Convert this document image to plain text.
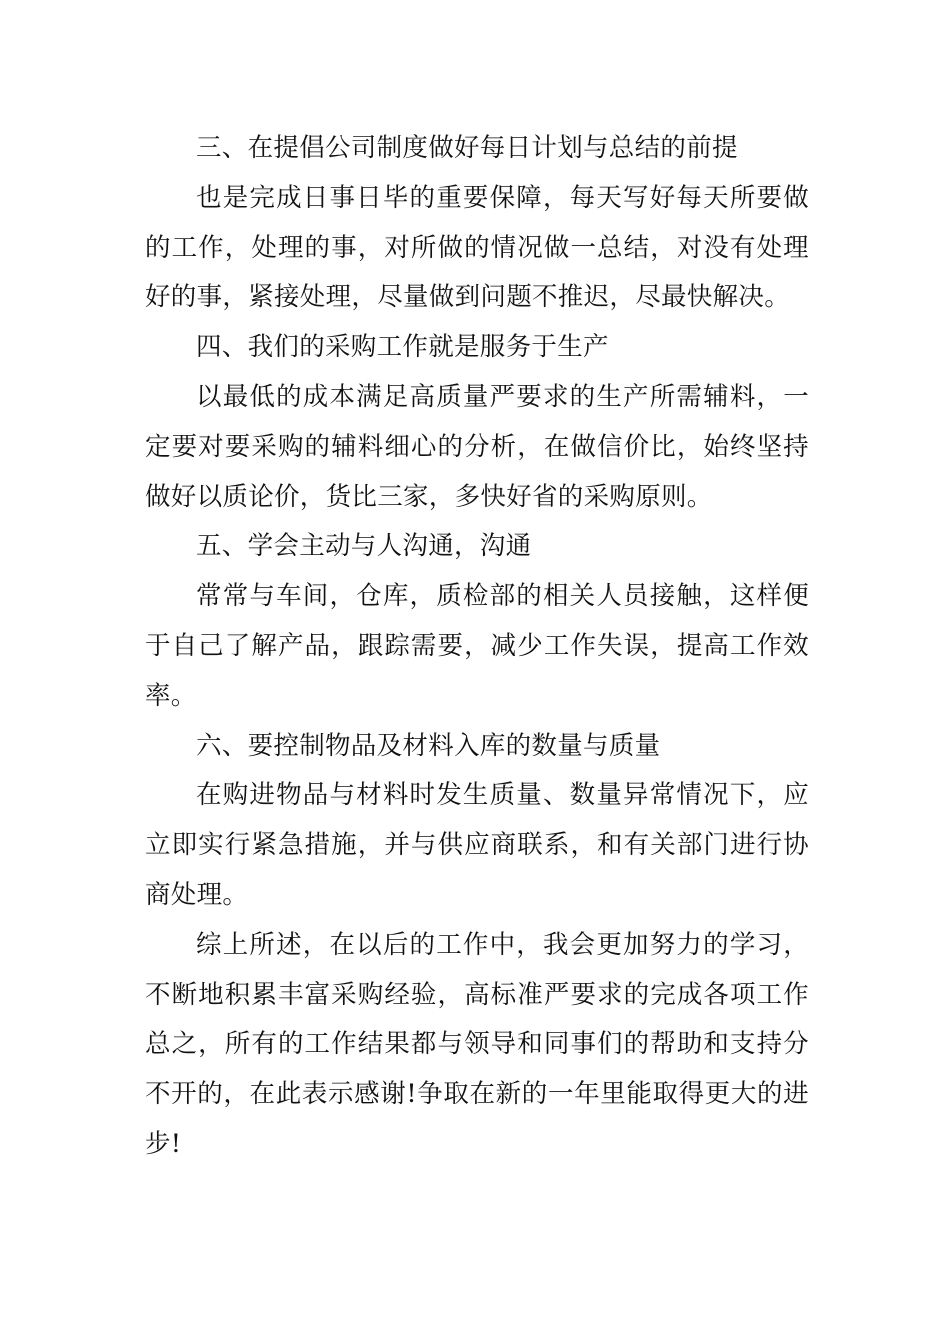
三、在提倡公司制度做好每日计划与总结的前提

也是完成日事日毕的重要保障，每天写好每天所要做的工作，处理的事，对所做的情况做一总结，对没有处理好的事，紧接处理，尽量做到问题不推迟，尽最快解决。

四、我们的采购工作就是服务于生产

以最低的成本满足高质量严要求的生产所需辅料，一定要对要采购的辅料细心的分析，在做信价比，始终坚持做好以质论价，货比三家，多快好省的采购原则。

五、学会主动与人沟通，沟通

常常与车间，仓库，质检部的相关人员接触，这样便于自己了解产品，跟踪需要，减少工作失误，提高工作效率。

六、要控制物品及材料入库的数量与质量

在购进物品与材料时发生质量、数量异常情况下，应立即实行紧急措施，并与供应商联系，和有关部门进行协商处理。

综上所述，在以后的工作中，我会更加努力的学习，不断地积累丰富采购经验，高标准严要求的完成各项工作总之，所有的工作结果都与领导和同事们的帮助和支持分不开的，在此表示感谢!争取在新的一年里能取得更大的进步!
